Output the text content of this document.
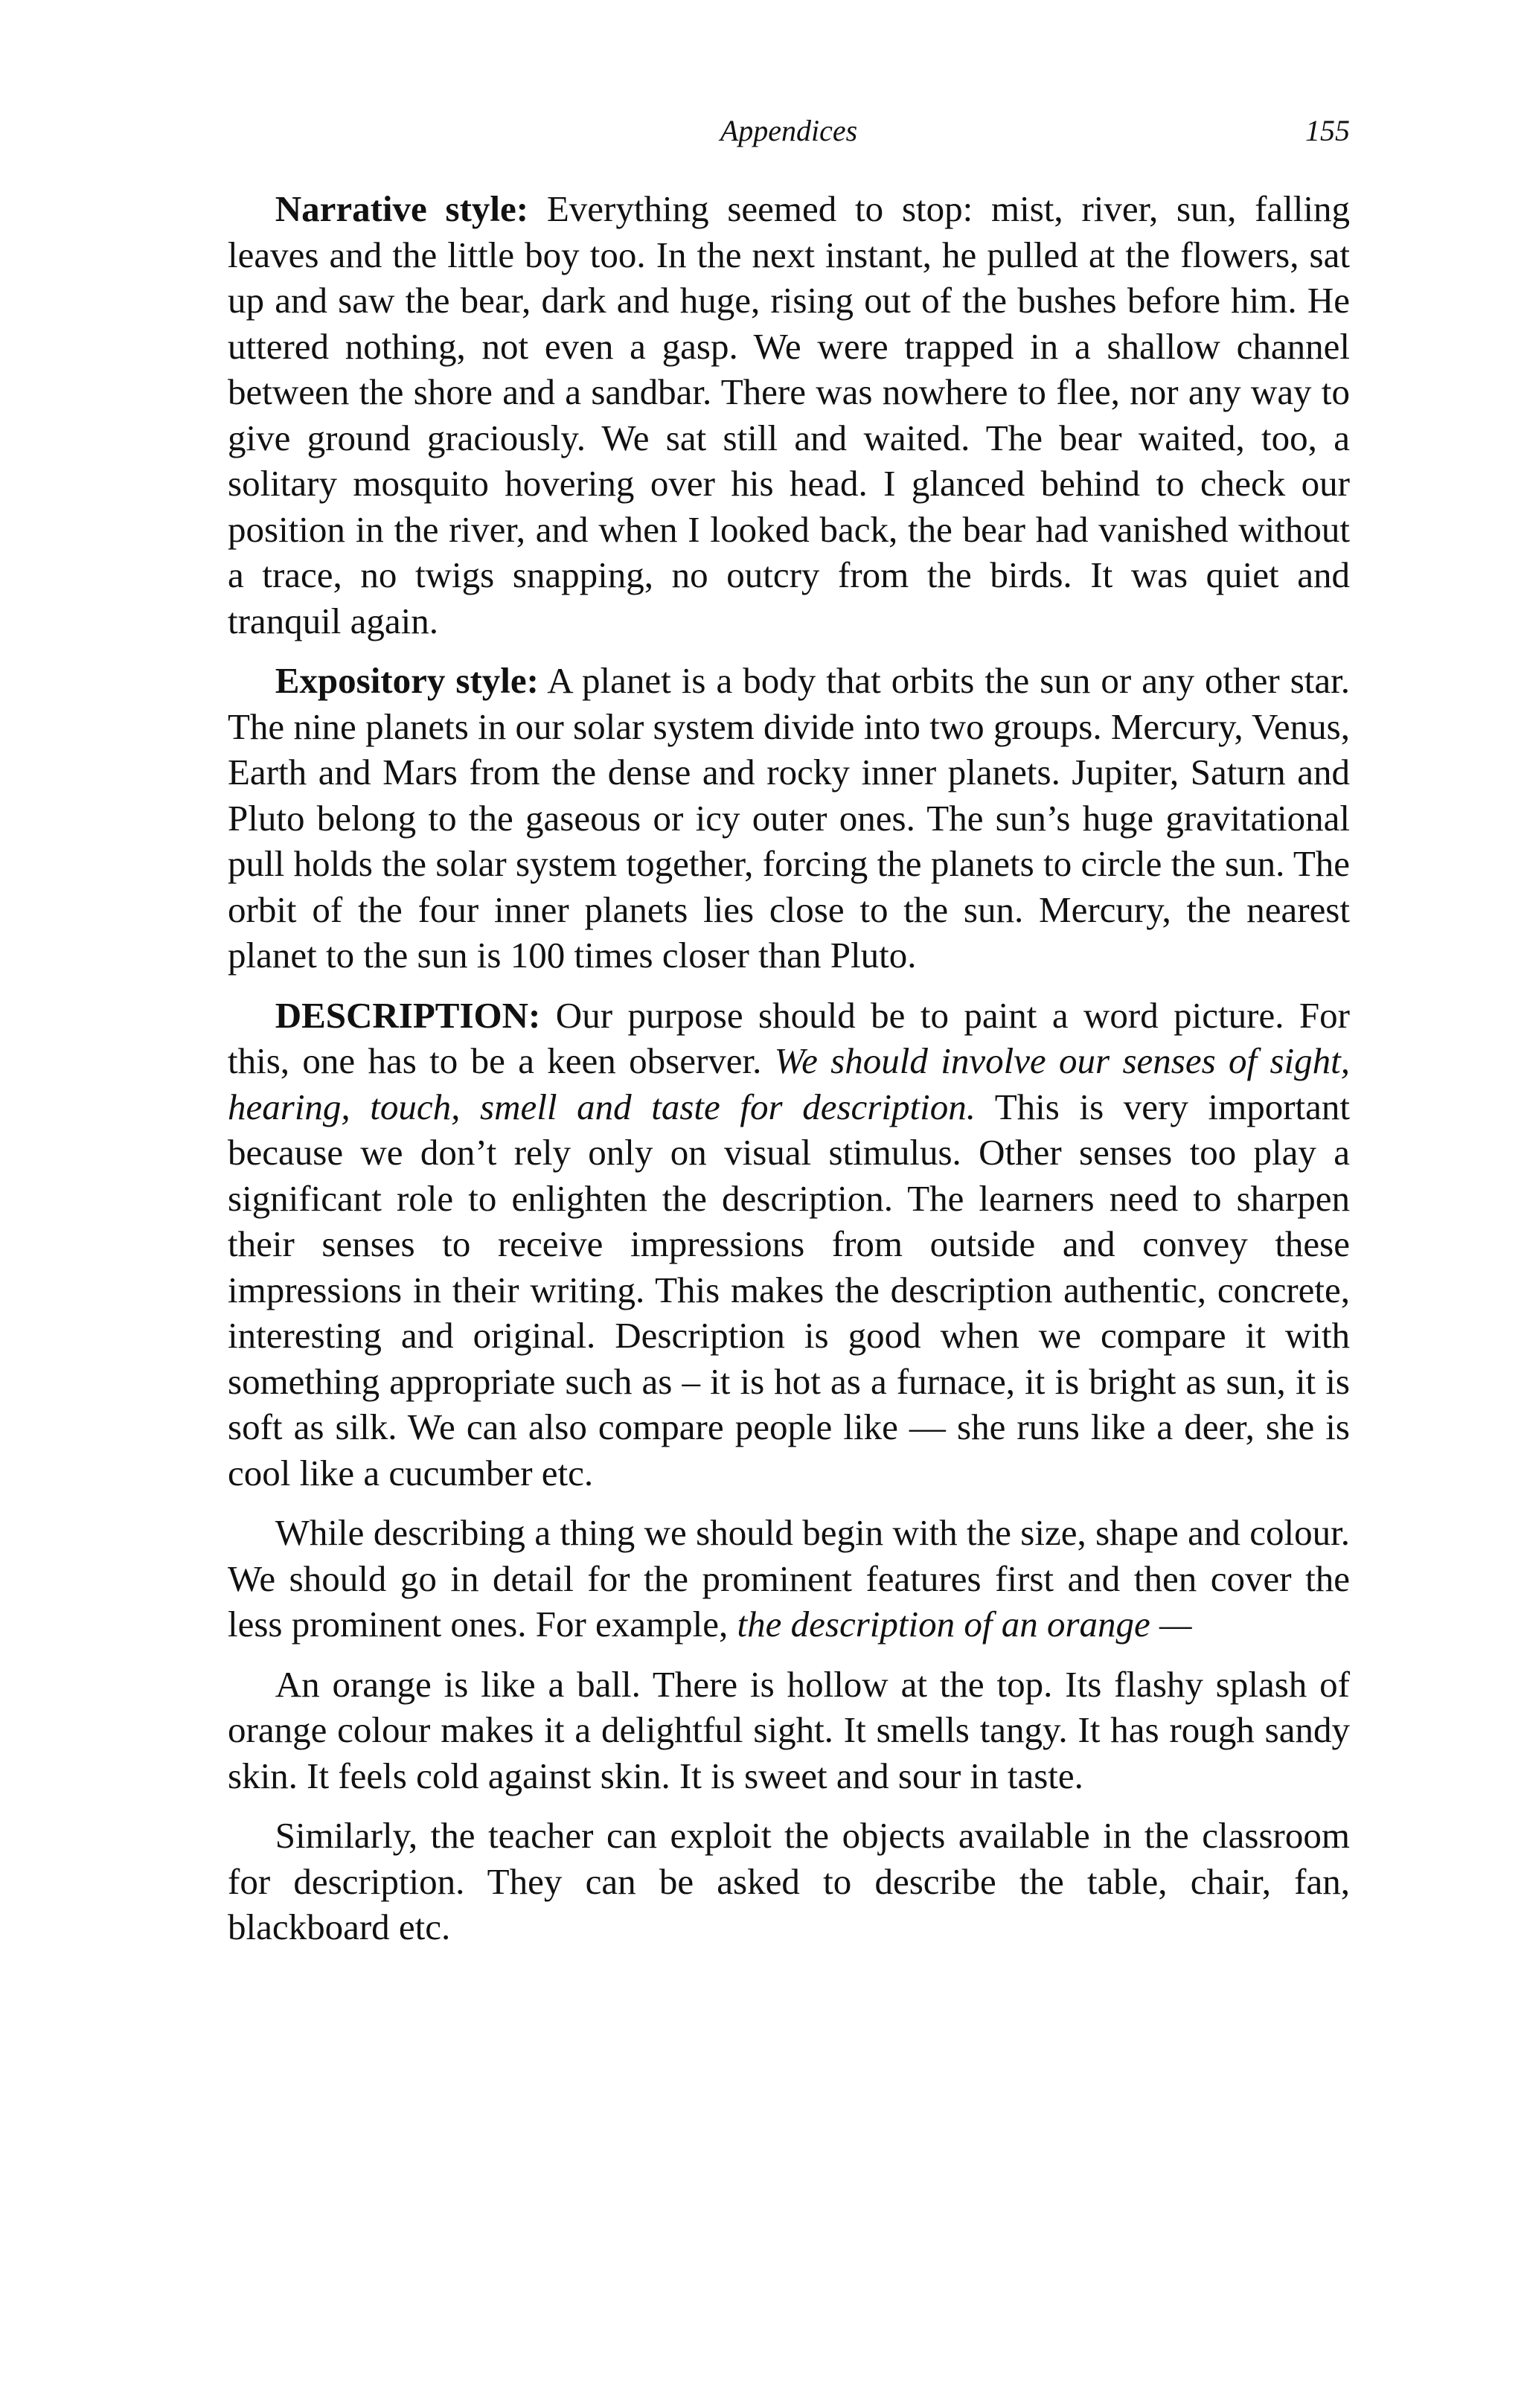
Appendices	155

Narrative style: Everything seemed to stop: mist, river, sun, falling leaves and the little boy too. In the next instant, he pulled at the flowers, sat up and saw the bear, dark and huge, rising out of the bushes before him. He uttered nothing, not even a gasp. We were trapped in a shallow channel between the shore and a sandbar. There was nowhere to flee, nor any way to give ground graciously. We sat still and waited. The bear waited, too, a solitary mosquito hovering over his head. I glanced behind to check our position in the river, and when I looked back, the bear had vanished without a trace, no twigs snapping, no outcry from the birds. It was quiet and tranquil again.

Expository style: A planet is a body that orbits the sun or any other star. The nine planets in our solar system divide into two groups. Mercury, Venus, Earth and Mars from the dense and rocky inner planets. Jupiter, Saturn and Pluto belong to the gaseous or icy outer ones. The sun’s huge gravitational pull holds the solar system together, forcing the planets to circle the sun. The orbit of the four inner planets lies close to the sun. Mercury, the nearest planet to the sun is 100 times closer than Pluto.

DESCRIPTION: Our purpose should be to paint a word picture. For this, one has to be a keen observer. We should involve our senses of sight, hearing, touch, smell and taste for description. This is very important because we don’t rely only on visual stimulus. Other senses too play a significant role to enlighten the description. The learners need to sharpen their senses to receive impressions from outside and convey these impressions in their writing. This makes the description authentic, concrete, interesting and original. Description is good when we compare it with something appropriate such as – it is hot as a furnace, it is bright as sun, it is soft as silk. We can also compare people like — she runs like a deer, she is cool like a cucumber etc.

While describing a thing we should begin with the size, shape and colour. We should go in detail for the prominent features first and then cover the less prominent ones. For example, the description of an orange —

An orange is like a ball. There is hollow at the top. Its flashy splash of orange colour makes it a delightful sight. It smells tangy. It has rough sandy skin. It feels cold against skin. It is sweet and sour in taste.

Similarly, the teacher can exploit the objects available in the classroom for description. They can be asked to describe the table, chair, fan, blackboard etc.
